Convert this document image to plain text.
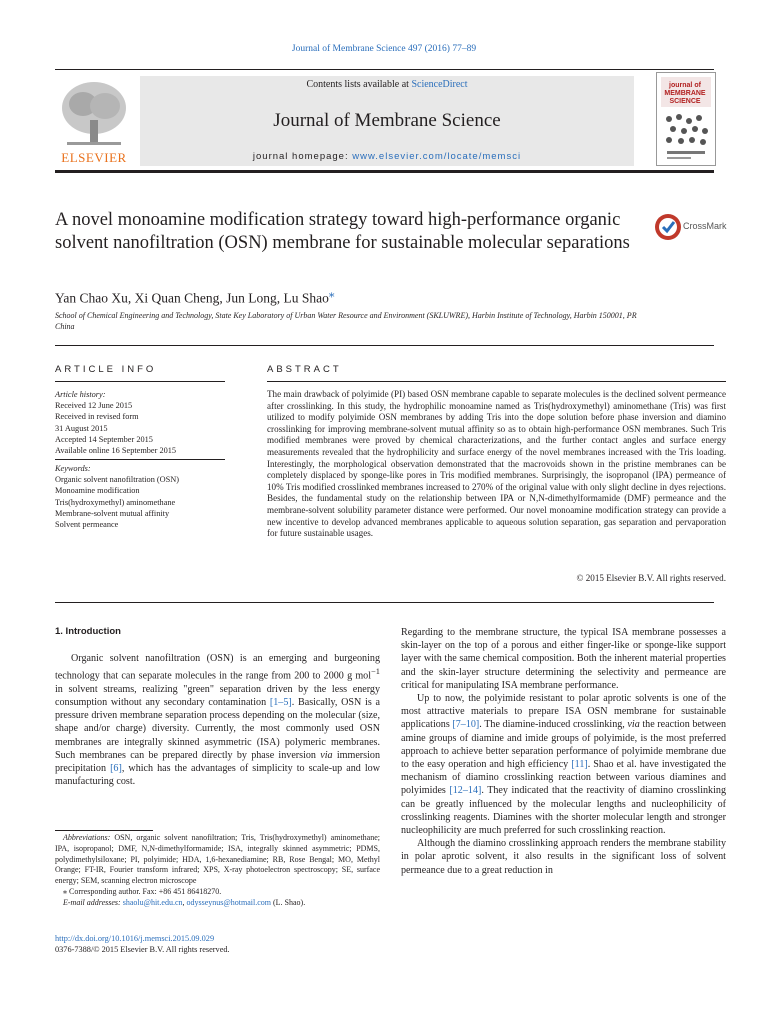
Journal of Membrane Science 497 (2016) 77–89
ELSEVIER
Contents lists available at ScienceDirect
Journal of Membrane Science
journal homepage: www.elsevier.com/locate/memsci
journal of MEMBRANE SCIENCE
A novel monoamine modification strategy toward high-performance organic solvent nanofiltration (OSN) membrane for sustainable molecular separations
CrossMark
Yan Chao Xu, Xi Quan Cheng, Jun Long, Lu Shao⁎
School of Chemical Engineering and Technology, State Key Laboratory of Urban Water Resource and Environment (SKLUWRE), Harbin Institute of Technology, Harbin 150001, PR China
ARTICLE INFO
Article history:
Received 12 June 2015
Received in revised form
31 August 2015
Accepted 14 September 2015
Available online 16 September 2015
Keywords:
Organic solvent nanofiltration (OSN)
Monoamine modification
Tris(hydroxymethyl) aminomethane
Membrane-solvent mutual affinity
Solvent permeance
ABSTRACT
The main drawback of polyimide (PI) based OSN membrane capable to separate molecules is the declined solvent permeance after crosslinking. In this study, the hydrophilic monoamine named as Tris(hydroxymethyl) aminomethane (Tris) was first utilized to modify polyimide OSN membranes by adding Tris into the dope solution before phase inversion and diamino crosslinking for improving membrane-solvent mutual affinity so as to obtain high-performance OSN membranes. Such Tris modified membranes were proved by chemical characterizations, and the further contact angles and surface energy measurements revealed that the hydrophilicity and surface energy of the novel membranes increased with the Tris loading. Interestingly, the morphological observation demonstrated that the macrovoids shown in the pristine membranes can be completely displaced by sponge-like pores in Tris modified membranes. Surprisingly, the isopropanol (IPA) permeance of 10% Tris modified crosslinked membranes increased to 270% of the original value with only slight decline in dyes rejections. Besides, the fundamental study on the relationship between IPA or N,N-dimethylformamide (DMF) permeance and the membrane-solvent solubility parameter distance were performed. Our novel monoamine modification strategy can provide a new incentive to develop advanced membranes applicable to aqueous solution separation, gas separation and pervaporation for future sustainable usages.
© 2015 Elsevier B.V. All rights reserved.
1. Introduction

Organic solvent nanofiltration (OSN) is an emerging and burgeoning technology that can separate molecules in the range from 200 to 2000 g mol$^{-1}$ in solvent streams, realizing "green" separation driven by the less energy consumption without any secondary contamination [1–5]. Basically, OSN is a pressure driven membrane separation process depending on the molecular (size, shape and/or charge) diversity. Currently, the most commonly used OSN membranes are integrally skinned asymmetric (ISA) polymeric membranes. Such membranes can be prepared directly by phase inversion via immersion precipitation [6], which has the advantages of simplicity to scale-up and low manufacturing cost.

Abbreviations: OSN, organic solvent nanofiltration; Tris, Tris(hydroxymethyl) aminomethane; IPA, isopropanol; DMF, N,N-dimethylformamide; ISA, integrally skinned asymmetric; PDMS, polydimethylsiloxane; PI, polyimide; HDA, 1,6-hexanediamine; RB, Rose Bengal; MO, Methyl Orange; FT-IR, Fourier transform infrared; XPS, X-ray photoelectron spectroscopy; SE, surface energy; SEM, scanning electron microscope

⁎ Corresponding author. Fax: +86 451 86418270.

E-mail addresses: shaolu@hit.edu.cn, odysseynus@hotmail.com (L. Shao).

http://dx.doi.org/10.1016/j.memsci.2015.09.029
0376-7388/© 2015 Elsevier B.V. All rights reserved.

Regarding to the membrane structure, the typical ISA membrane possesses a skin-layer on the top of a porous and either finger-like or sponge-like support layer with the same chemical composition. Both the inherent material properties and the skin-layer structure determining the selectivity and permeance are critical for manipulating ISA membrane performance.

Up to now, the polyimide resistant to polar aprotic solvents is one of the most attractive materials to prepare ISA OSN membrane for sustainable applications [7–10]. The diamine-induced crosslinking, via the reaction between amine groups of diamine and imide groups of polyimide, is the most preferred approach to achieve better separation performance of polyimide membrane due to the easy operation and high efficiency [11]. Shao et al. have investigated the mechanism of diamino crosslinking reaction between various diamines and polyimides [12–14]. They indicated that the reactivity of diamino crosslinking can be greatly influenced by the molecular lengths and nucleophilicity of crosslinking reagents. Diamines with the shorter molecular length and stronger nucleophilicity are much preferred for such crosslinking reaction.

Although the diamino crosslinking approach renders the membrane stability in polar aprotic solvent, it also results in the significant loss of solvent permeance due to a great reduction in
